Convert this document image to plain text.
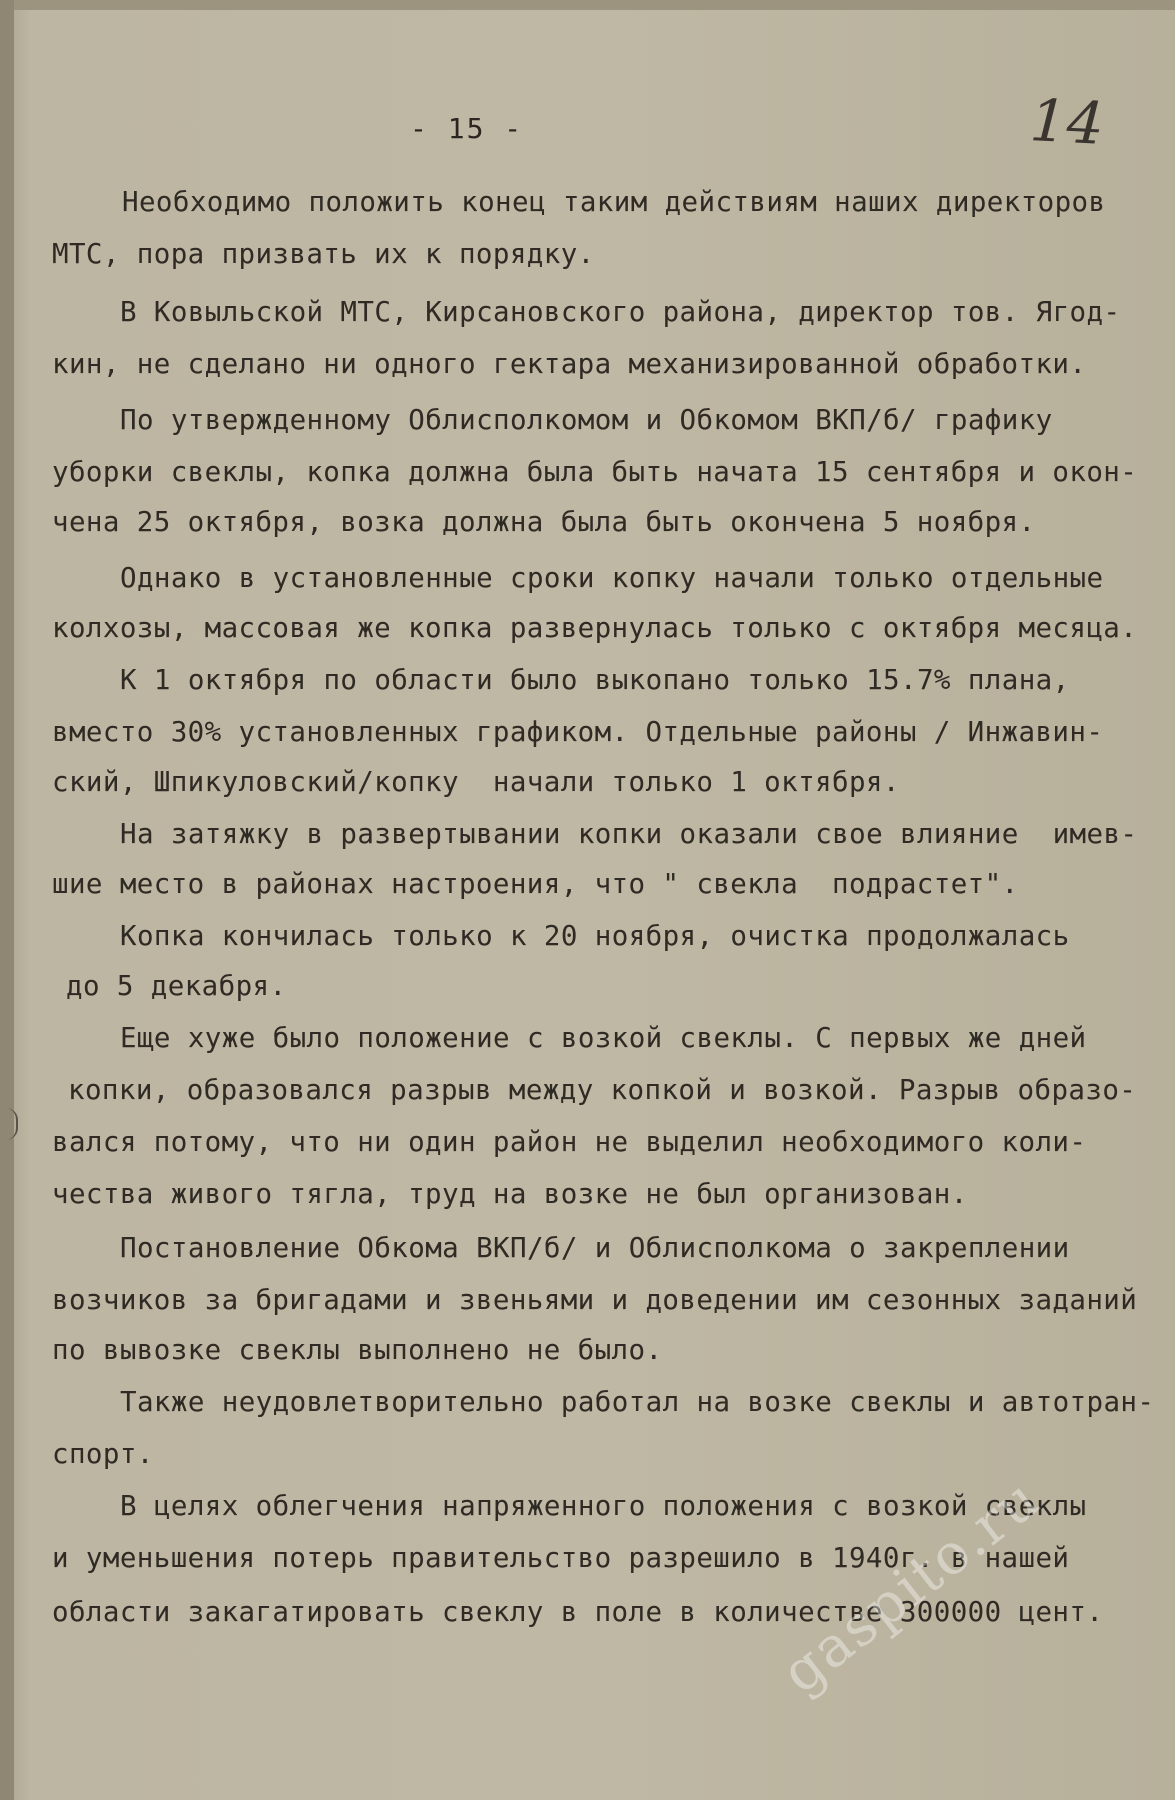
- 15 -	14
Необходимо положить конец таким действиям наших директоров
МТС, пора призвать их к порядку.
В Ковыльской МТС, Кирсановского района, директор тов. Ягод-
кин, не сделано ни одного гектара механизированной обработки.
По утвержденному Облисполкомом и Обкомом ВКП/б/ графику
уборки свеклы, копка должна была быть начата 15 сентября и окон-
чена 25 октября, возка должна была быть окончена 5 ноября.
Однако в установленные сроки копку начали только отдельные
колхозы, массовая же копка развернулась только с октября месяца.
К 1 октября по области было выкопано только 15.7% плана,
вместо 30% установленных графиком. Отдельные районы / Инжавин-
ский, Шпикуловский/копку  начали только 1 октября.
На затяжку в развертывании копки оказали свое влияние  имев-
шие место в районах настроения, что " свекла  подрастет".
Копка кончилась только к 20 ноября, очистка продолжалась
до 5 декабря.
Еще хуже было положение с возкой свеклы. С первых же дней
копки, образовался разрыв между копкой и возкой. Разрыв образо-
вался потому, что ни один район не выделил необходимого коли-
чества живого тягла, труд на возке не был организован.
Постановление Обкома ВКП/б/ и Облисполкома о закреплении
возчиков за бригадами и звеньями и доведении им сезонных заданий
по вывозке свеклы выполнено не было.
Также неудовлетворительно работал на возке свеклы и автотран-
спорт.
В целях облегчения напряженного положения с возкой свеклы
и уменьшения потерь правительство разрешило в 1940г. в нашей
области закагатировать свеклу в поле в количестве 300000 цент.
gaspito.ru
